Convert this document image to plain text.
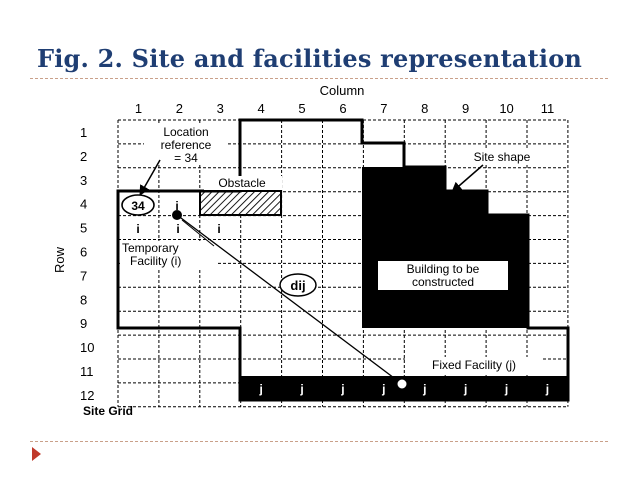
Fig. 2. Site and facilities representation
Column
Row
Site Grid
1	2	3	4	5	6	7	8	9 10 11
1
2
3
4
5
6
7
8
9
10
11
12
Location
reference
= 34
34
Obstacle
i
i	i	i
Temporary
Facility (i)
dij
Building to be
constructed
Site shape
Fixed Facility (j)
j	j	j	j	j	j	j	j
